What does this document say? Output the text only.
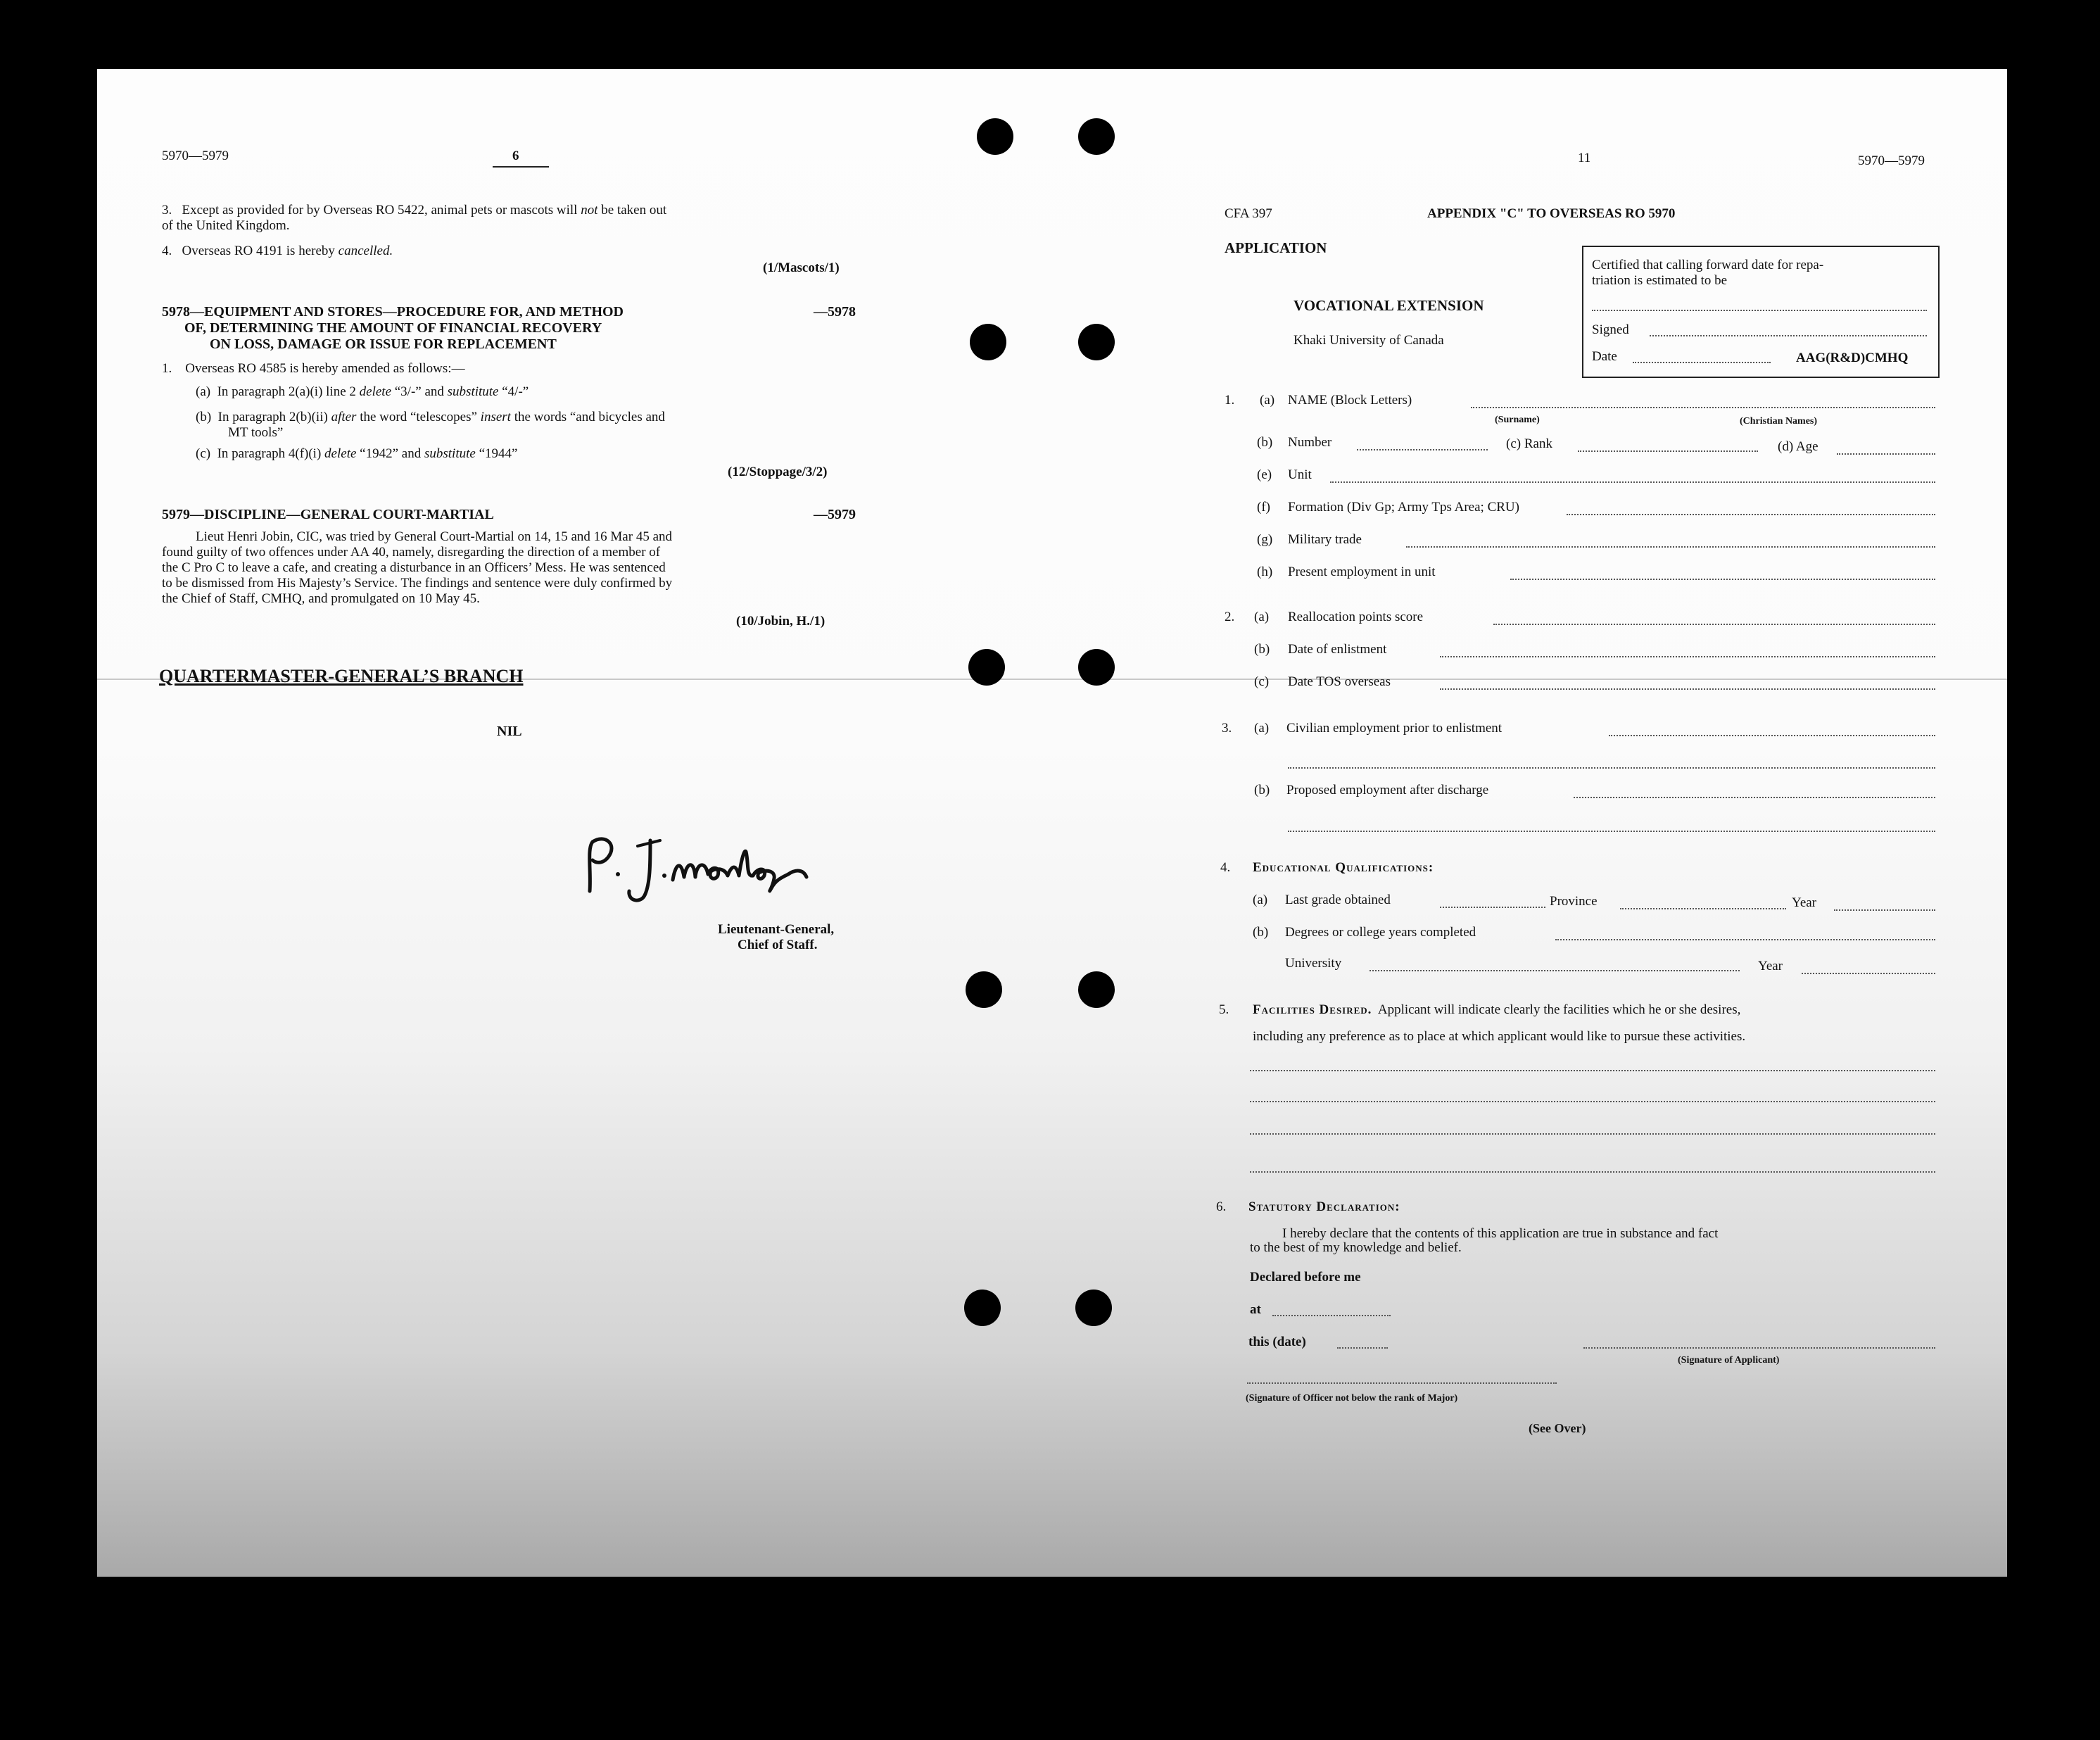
5970—5979	6
3. Except as provided for by Overseas RO 5422, animal pets or mascots will not be taken out
of the United Kingdom.
4. Overseas RO 4191 is hereby cancelled.
(1/Mascots/1)
5978—EQUIPMENT AND STORES—PROCEDURE FOR, AND METHOD	—5978
OF, DETERMINING THE AMOUNT OF FINANCIAL RECOVERY
ON LOSS, DAMAGE OR ISSUE FOR REPLACEMENT
1. Overseas RO 4585 is hereby amended as follows:—
(a) In paragraph 2(a)(i) line 2 delete “3/-” and substitute “4/-”
(b) In paragraph 2(b)(ii) after the word “telescopes” insert the words “and bicycles and
MT tools”
(c) In paragraph 4(f)(i) delete “1942” and substitute “1944”
(12/Stoppage/3/2)
5979—DISCIPLINE—GENERAL COURT-MARTIAL	—5979
Lieut Henri Jobin, CIC, was tried by General Court-Martial on 14, 15 and 16 Mar 45 and
found guilty of two offences under AA 40, namely, disregarding the direction of a member of
the C Pro C to leave a cafe, and creating a disturbance in an Officers’ Mess. He was sentenced
to be dismissed from His Majesty’s Service. The findings and sentence were duly confirmed by
the Chief of Staff, CMHQ, and promulgated on 10 May 45.
(10/Jobin, H./1)
QUARTERMASTER-GENERAL’S BRANCH
NIL
Lieutenant-General,
Chief of Staff.
11	5970—5979
CFA 397	APPENDIX "C" TO OVERSEAS RO 5970
APPLICATION
VOCATIONAL EXTENSION
Khaki University of Canada
Certified that calling forward date for repa-
triation is estimated to be
Signed
Date	AAG(R&D)CMHQ
1. (a) NAME (Block Letters)
(Surname)	(Christian Names)
(b) Number	(c) Rank	(d) Age
(e) Unit
(f) Formation (Div Gp; Army Tps Area; CRU)
(g) Military trade
(h) Present employment in unit
2. (a) Reallocation points score
(b) Date of enlistment
(c) Date TOS overseas
3. (a) Civilian employment prior to enlistment
(b) Proposed employment after discharge
4. Educational Qualifications:
(a) Last grade obtained	Province	Year
(b) Degrees or college years completed
University	Year
5. Facilities Desired. Applicant will indicate clearly the facilities which he or she desires,
including any preference as to place at which applicant would like to pursue these activities.
6. Statutory Declaration:
I hereby declare that the contents of this application are true in substance and fact
to the best of my knowledge and belief.
Declared before me
at
this (date)
(Signature of Applicant)
(Signature of Officer not below the rank of Major)
(See Over)
